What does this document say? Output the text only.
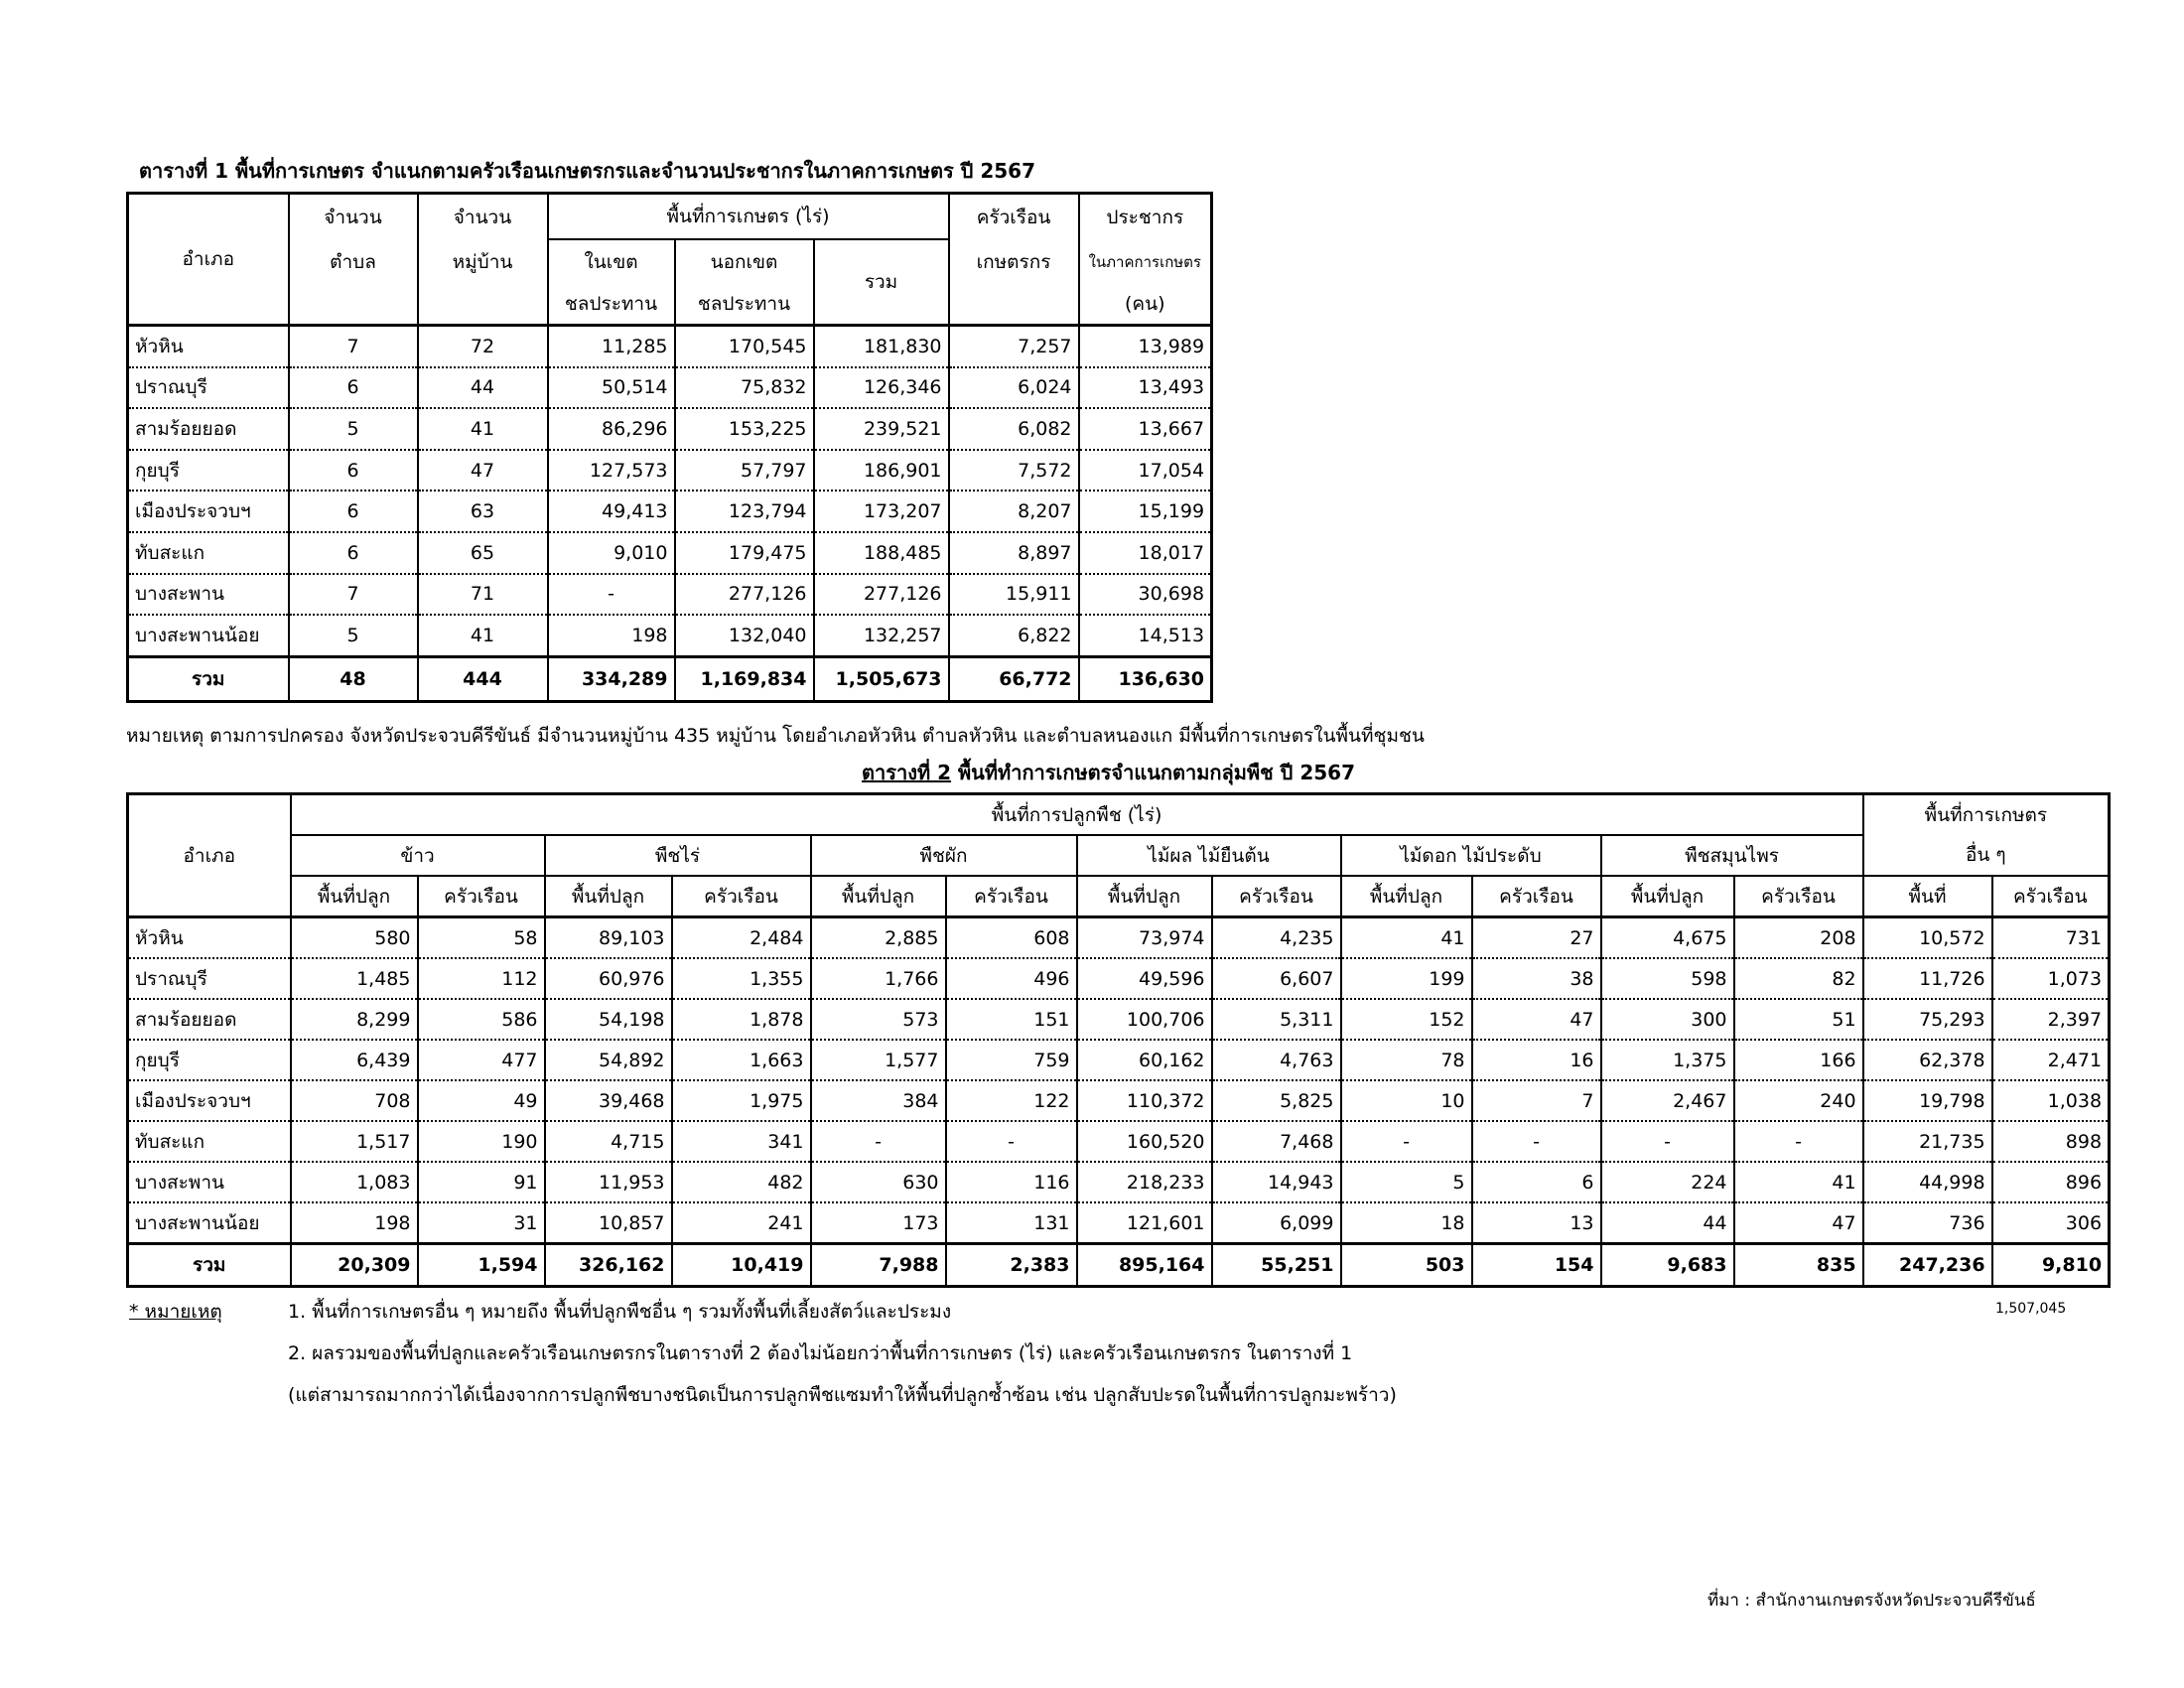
ตารางที่ 1 พื้นที่การเกษตร จำแนกตามครัวเรือนเกษตรกรและจำนวนประชากรในภาคการเกษตร ปี 2567
อำเภอ	จำนวน	จำนวน	พื้นที่การเกษตร (ไร่)			ครัวเรือน	ประชากร
	ตำบล	หมู่บ้าน	ในเขต	นอกเขต	รวม	เกษตรกร	ในภาคการเกษตร
			ชลประทาน	ชลประทาน			(คน)
หัวหิน	7	72	11,285	170,545	181,830	7,257	13,989
ปราณบุรี	6	44	50,514	75,832	126,346	6,024	13,493
สามร้อยยอด	5	41	86,296	153,225	239,521	6,082	13,667
กุยบุรี	6	47	127,573	57,797	186,901	7,572	17,054
เมืองประจวบฯ	6	63	49,413	123,794	173,207	8,207	15,199
ทับสะแก	6	65	9,010	179,475	188,485	8,897	18,017
บางสะพาน	7	71	-	277,126	277,126	15,911	30,698
บางสะพานน้อย	5	41	198	132,040	132,257	6,822	14,513
รวม	48	444	334,289	1,169,834	1,505,673	66,772	136,630
หมายเหตุ ตามการปกครอง จังหวัดประจวบคีรีขันธ์ มีจำนวนหมู่บ้าน 435 หมู่บ้าน โดยอำเภอหัวหิน ตำบลหัวหิน และตำบลหนองแก มีพื้นที่การเกษตรในพื้นที่ชุมชน
ตารางที่ 2 พื้นที่ทำการเกษตรจำแนกตามกลุ่มพืช ปี 2567
อำเภอ	พื้นที่การปลูกพืช (ไร่)												พื้นที่การเกษตร	
	ข้าว		พืชไร่		พืชผัก		ไม้ผล ไม้ยืนต้น		ไม้ดอก ไม้ประดับ		พืชสมุนไพร		อื่น ๆ	
	พื้นที่ปลูก	ครัวเรือน	พื้นที่ปลูก	ครัวเรือน	พื้นที่ปลูก	ครัวเรือน	พื้นที่ปลูก	ครัวเรือน	พื้นที่ปลูก	ครัวเรือน	พื้นที่ปลูก	ครัวเรือน	พื้นที่	ครัวเรือน
หัวหิน	580	58	89,103	2,484	2,885	608	73,974	4,235	41	27	4,675	208	10,572	731
ปราณบุรี	1,485	112	60,976	1,355	1,766	496	49,596	6,607	199	38	598	82	11,726	1,073
สามร้อยยอด	8,299	586	54,198	1,878	573	151	100,706	5,311	152	47	300	51	75,293	2,397
กุยบุรี	6,439	477	54,892	1,663	1,577	759	60,162	4,763	78	16	1,375	166	62,378	2,471
เมืองประจวบฯ	708	49	39,468	1,975	384	122	110,372	5,825	10	7	2,467	240	19,798	1,038
ทับสะแก	1,517	190	4,715	341	-	-	160,520	7,468	-	-	-	-	21,735	898
บางสะพาน	1,083	91	11,953	482	630	116	218,233	14,943	5	6	224	41	44,998	896
บางสะพานน้อย	198	31	10,857	241	173	131	121,601	6,099	18	13	44	47	736	306
รวม	20,309	1,594	326,162	10,419	7,988	2,383	895,164	55,251	503	154	9,683	835	247,236	9,810
* หมายเหตุ	1. พื้นที่การเกษตรอื่น ๆ หมายถึง พื้นที่ปลูกพืชอื่น ๆ รวมทั้งพื้นที่เลี้ยงสัตว์และประมง
2. ผลรวมของพื้นที่ปลูกและครัวเรือนเกษตรกรในตารางที่ 2 ต้องไม่น้อยกว่าพื้นที่การเกษตร (ไร่) และครัวเรือนเกษตรกร ในตารางที่ 1
(แต่สามารถมากกว่าได้เนื่องจากการปลูกพืชบางชนิดเป็นการปลูกพืชแซมทำให้พื้นที่ปลูกซ้ำซ้อน เช่น ปลูกสับปะรดในพื้นที่การปลูกมะพร้าว)
1,507,045
ที่มา : สำนักงานเกษตรจังหวัดประจวบคีรีขันธ์
